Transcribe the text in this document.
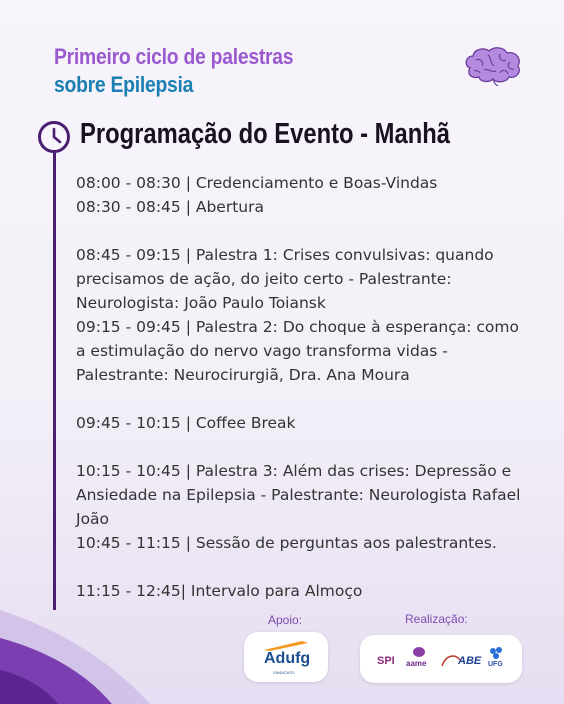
Primeiro ciclo de palestras
sobre Epilepsia
Programação do Evento - Manhã

08:00 - 08:30 | Credenciamento e Boas-Vindas

08:30 - 08:45 | Abertura

08:45 - 09:15 | Palestra 1: Crises convulsivas: quando precisamos de ação, do jeito certo - Palestrante: Neurologista: João Paulo Toiansk

09:15 - 09:45 | Palestra 2: Do choque à esperança: como a estimulação do nervo vago transforma vidas - Palestrante: Neurocirurgiã, Dra. Ana Moura

09:45 - 10:15 | Coffee Break

10:15 - 10:45 | Palestra 3: Além das crises: Depressão e Ansiedade na Epilepsia - Palestrante: Neurologista Rafael João

10:45 - 11:15 | Sessão de perguntas aos palestrantes.

11:15 - 12:45| Intervalo para Almoço

Apoio:	Realização:
Adufg
SINDICATO
SPI aame	ABE UFG
